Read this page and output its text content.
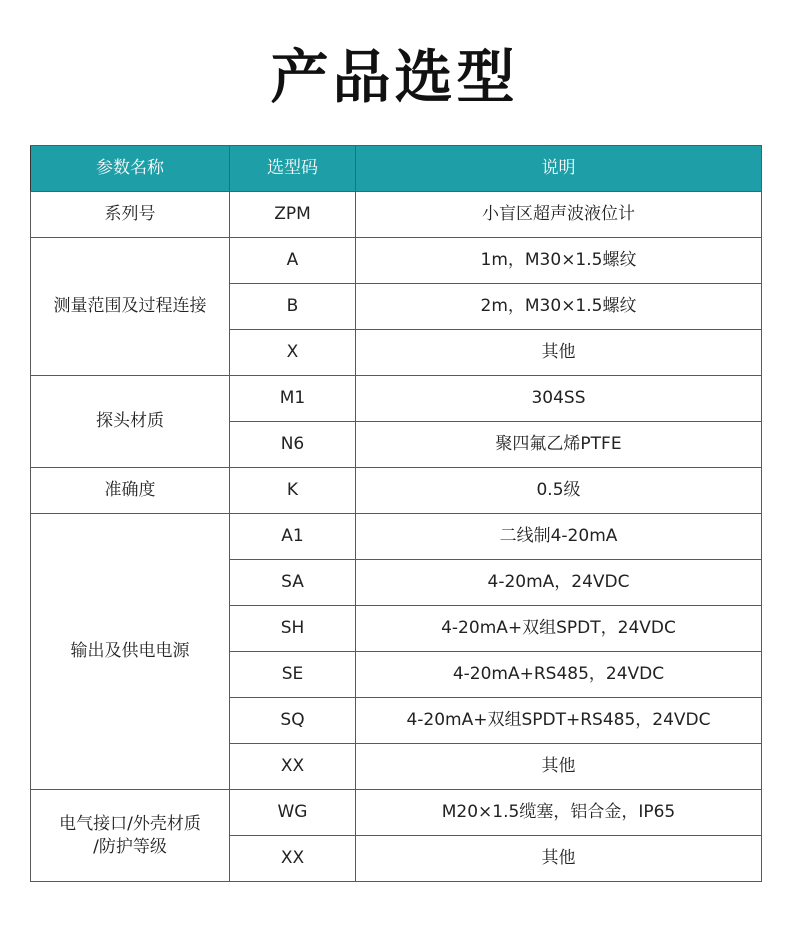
产品选型
参数名称	选型码	说明
系列号	ZPM	小盲区超声波液位计
测量范围及过程连接	A	1m，M30×1.5螺纹
	B	2m，M30×1.5螺纹
	X	其他
探头材质	M1	304SS
	N6	聚四氟乙烯PTFE
准确度	K	0.5级
输出及供电电源	A1	二线制4-20mA
	SA	4-20mA，24VDC
	SH	4-20mA+双组SPDT，24VDC
	SE	4-20mA+RS485，24VDC
	SQ	4-20mA+双组SPDT+RS485，24VDC
	XX	其他
电气接口/外壳材质
/防护等级	WG	M20×1.5缆塞，铝合金，IP65
	XX	其他
